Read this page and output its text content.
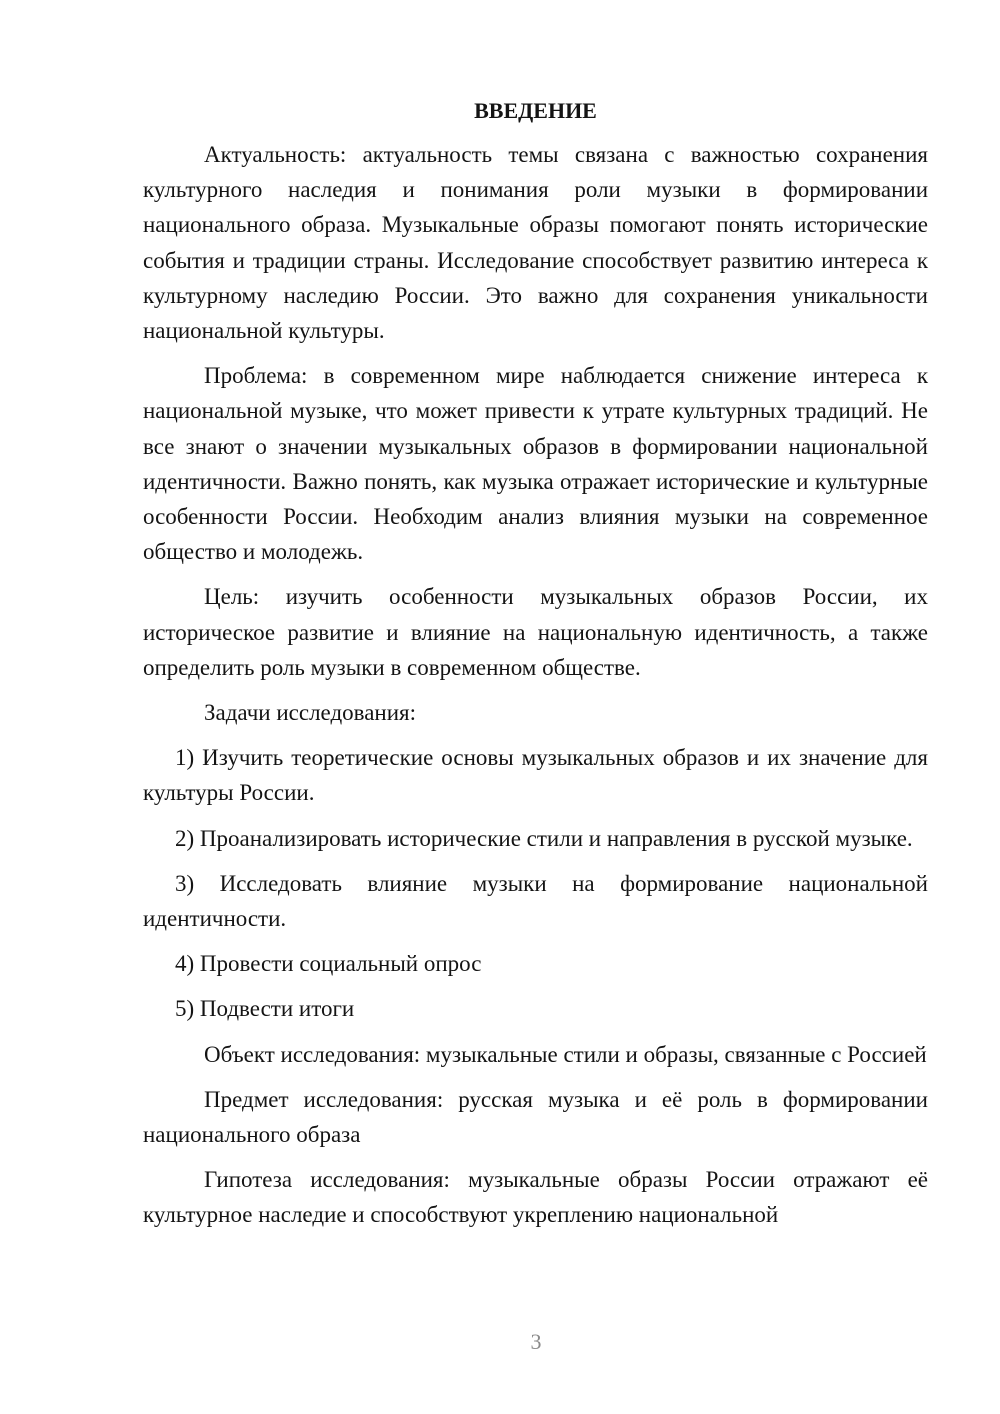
ВВЕДЕНИЕ

Актуальность: актуальность темы связана с важностью сохранения культурного наследия и понимания роли музыки в формировании национального образа. Музыкальные образы помогают понять исторические события и традиции страны. Исследование способствует развитию интереса к культурному наследию России. Это важно для сохранения уникальности национальной культуры.

Проблема: в современном мире наблюдается снижение интереса к национальной музыке, что может привести к утрате культурных традиций. Не все знают о значении музыкальных образов в формировании национальной идентичности. Важно понять, как музыка отражает исторические и культурные особенности России. Необходим анализ влияния музыки на современное общество и молодежь.

Цель: изучить особенности музыкальных образов России, их историческое развитие и влияние на национальную идентичность, а также определить роль музыки в современном обществе.

Задачи исследования:

1) Изучить теоретические основы музыкальных образов и их значение для культуры России.

2) Проанализировать исторические стили и направления в русской музыке.

3) Исследовать влияние музыки на формирование национальной идентичности.

4) Провести социальный опрос

5) Подвести итоги

Объект исследования: музыкальные стили и образы, связанные с Россией

Предмет исследования: русская музыка и её роль в формировании национального образа

Гипотеза исследования: музыкальные образы России отражают её культурное наследие и способствуют укреплению национальной

3
